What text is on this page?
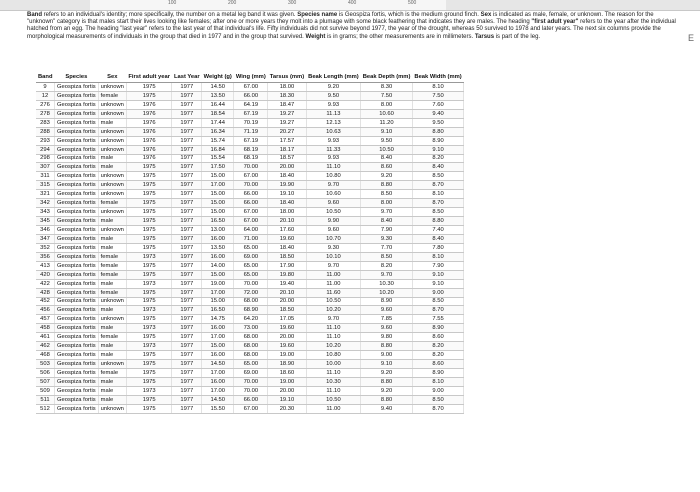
100	200	300	400	500
E
Band refers to an individual's identity; more specifically, the number on a metal leg band it was given. Species name is Geospiza fortis, which is the medium ground finch. Sex is indicated as male, female, or unknown. The reason for the "unknown" category is that males start their lives looking like females; after one or more years they molt into a plumage with some black feathering that indicates they are males. The heading "first adult year" refers to the year after the individual hatched from an egg. The heading "last year" refers to the last year of that individual's life. Fifty individuals did not survive beyond 1977, the year of the drought, whereas 50 survived to 1978 and later years. The next six columns provide the morphological measurements of individuals in the group that died in 1977 and in the group that survived. Weight is in grams; the other measurements are in millimeters. Tarsus is part of the leg.
Band	Species	Sex	First adult year	Last Year	Weight (g)	Wing (mm)	Tarsus (mm)	Beak Length (mm)	Beak Depth (mm)	Beak Width (mm)
9	Geospiza fortis	unknown	1975	1977	14.50	67.00	18.00	9.20	8.30	8.10
12	Geospiza fortis	female	1975	1977	13.50	66.00	18.30	9.50	7.50	7.50
276	Geospiza fortis	unknown	1976	1977	16.44	64.19	18.47	9.93	8.00	7.60
278	Geospiza fortis	unknown	1976	1977	18.54	67.19	19.27	11.13	10.60	9.40
283	Geospiza fortis	male	1976	1977	17.44	70.19	19.27	12.13	11.20	9.50
288	Geospiza fortis	unknown	1976	1977	16.34	71.19	20.27	10.63	9.10	8.80
293	Geospiza fortis	unknown	1976	1977	15.74	67.19	17.57	9.93	9.50	8.90
294	Geospiza fortis	unknown	1976	1977	16.84	68.19	18.17	11.33	10.50	9.10
298	Geospiza fortis	male	1976	1977	15.54	68.19	18.57	9.93	8.40	8.20
307	Geospiza fortis	male	1975	1977	17.50	70.00	20.00	11.10	8.60	8.40
311	Geospiza fortis	unknown	1975	1977	15.00	67.00	18.40	10.80	9.20	8.50
315	Geospiza fortis	unknown	1975	1977	17.00	70.00	19.90	9.70	8.80	8.70
321	Geospiza fortis	unknown	1975	1977	15.00	66.00	19.10	10.60	8.50	8.10
342	Geospiza fortis	female	1975	1977	15.00	66.00	18.40	9.60	8.00	8.70
343	Geospiza fortis	unknown	1975	1977	15.00	67.00	18.00	10.50	9.70	8.50
345	Geospiza fortis	male	1975	1977	16.50	67.00	20.10	9.90	8.40	8.80
346	Geospiza fortis	unknown	1975	1977	13.00	64.00	17.60	9.60	7.90	7.40
347	Geospiza fortis	male	1975	1977	16.00	71.00	19.60	10.70	9.30	8.40
352	Geospiza fortis	male	1975	1977	13.50	65.00	18.40	9.30	7.70	7.80
356	Geospiza fortis	female	1973	1977	16.00	69.00	18.50	10.10	8.50	8.10
413	Geospiza fortis	female	1975	1977	14.00	65.00	17.90	9.70	8.20	7.90
420	Geospiza fortis	female	1975	1977	15.00	65.00	19.80	11.00	9.70	9.10
422	Geospiza fortis	male	1973	1977	19.00	70.00	19.40	11.00	10.30	9.10
428	Geospiza fortis	female	1975	1977	17.00	72.00	20.10	11.60	10.20	9.00
452	Geospiza fortis	unknown	1975	1977	15.00	68.00	20.00	10.50	8.90	8.50
456	Geospiza fortis	male	1973	1977	16.50	68.90	18.50	10.20	9.60	8.70
457	Geospiza fortis	unknown	1975	1977	14.75	64.20	17.05	9.70	7.85	7.55
458	Geospiza fortis	male	1973	1977	16.00	73.00	19.60	11.10	9.60	8.90
461	Geospiza fortis	female	1975	1977	17.00	68.00	20.00	11.10	9.80	8.60
462	Geospiza fortis	male	1973	1977	15.00	68.00	19.60	10.20	8.80	8.20
468	Geospiza fortis	male	1975	1977	16.00	68.00	19.00	10.80	9.00	8.20
503	Geospiza fortis	unknown	1975	1977	14.50	65.00	18.90	10.00	9.10	8.60
506	Geospiza fortis	female	1975	1977	17.00	69.00	18.60	11.10	9.20	8.90
507	Geospiza fortis	male	1975	1977	16.00	70.00	19.00	10.30	8.80	8.10
509	Geospiza fortis	male	1973	1977	17.00	70.00	20.00	11.10	9.20	9.00
511	Geospiza fortis	male	1975	1977	14.50	66.00	19.10	10.50	8.80	8.50
512	Geospiza fortis	unknown	1975	1977	15.50	67.00	20.30	11.00	9.40	8.70
